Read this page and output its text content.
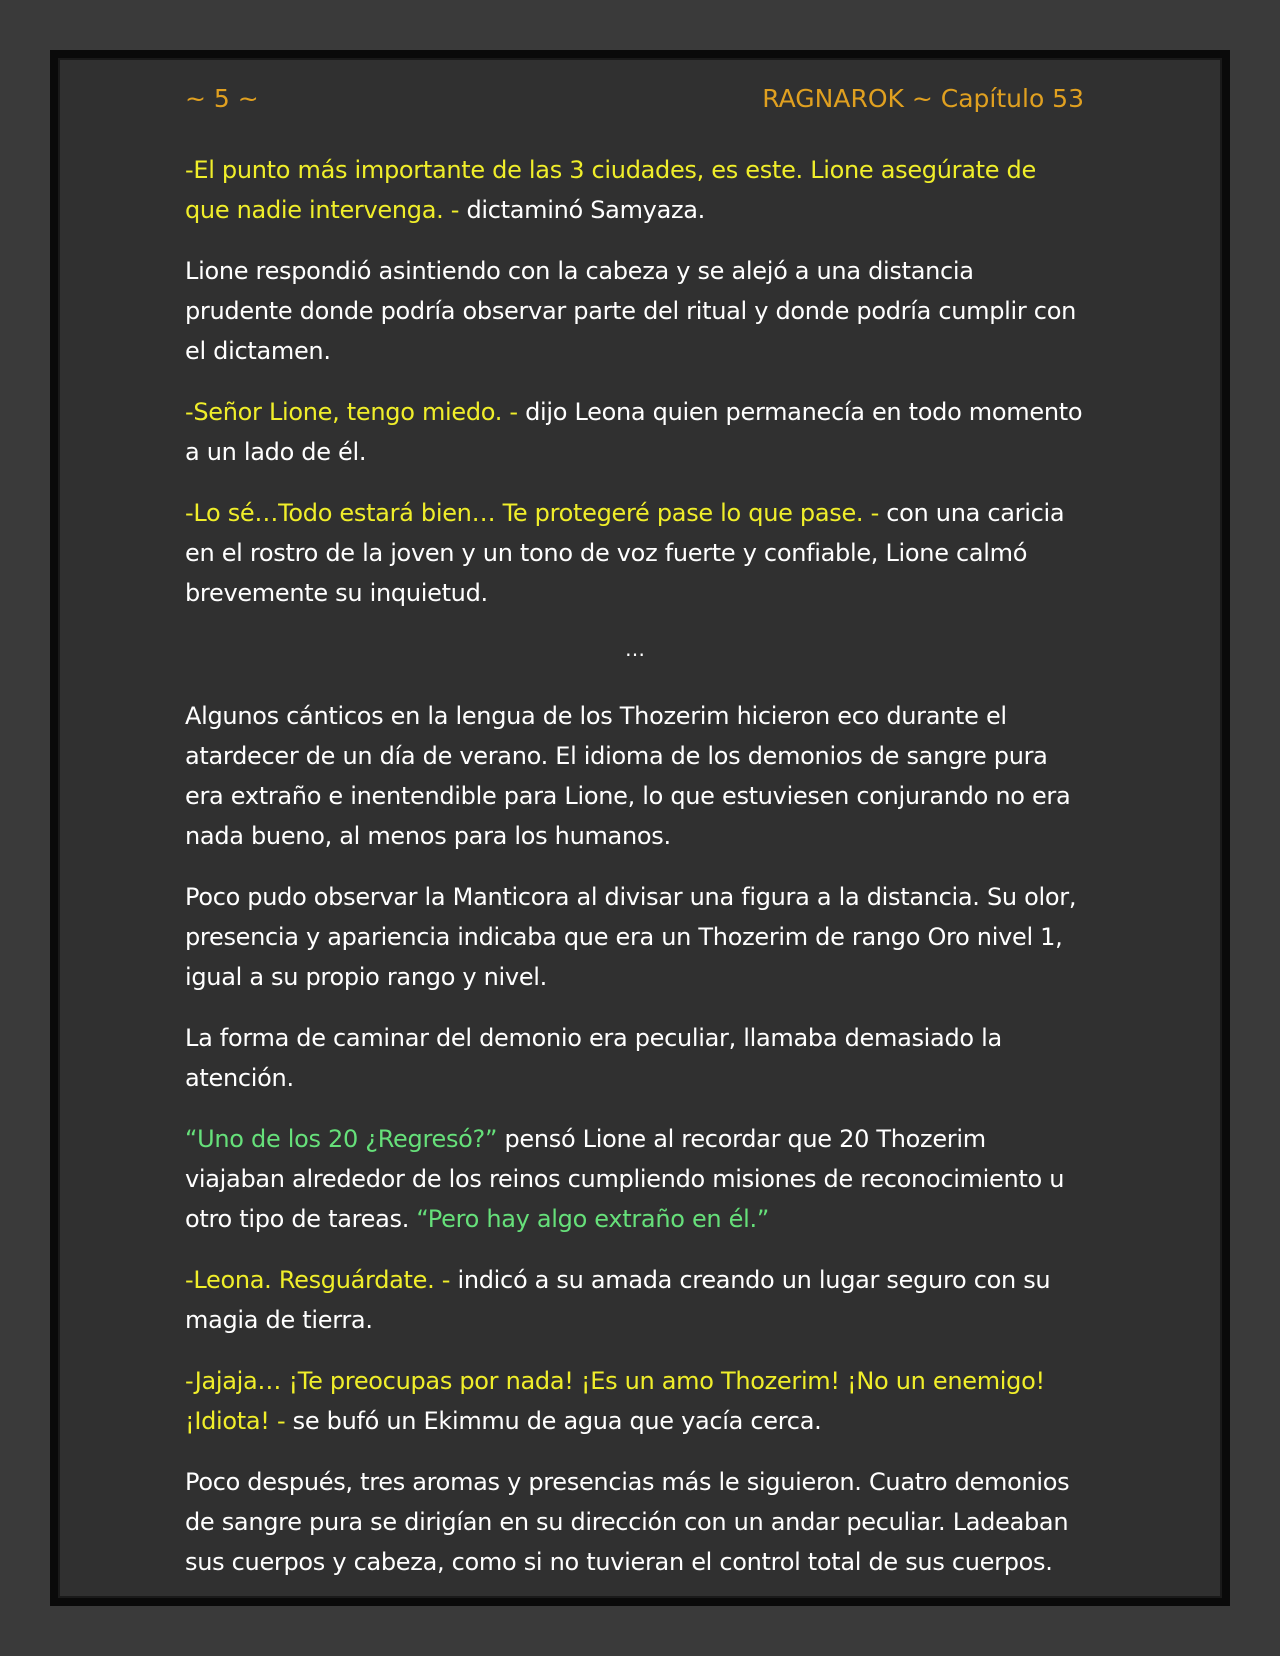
~ 5 ~	RAGNAROK ~ Capítulo 53

-El punto más importante de las 3 ciudades, es este. Lione asegúrate de que nadie intervenga. - dictaminó Samyaza.

Lione respondió asintiendo con la cabeza y se alejó a una distancia prudente donde podría observar parte del ritual y donde podría cumplir con el dictamen.

-Señor Lione, tengo miedo. - dijo Leona quien permanecía en todo momento a un lado de él.

-Lo sé…Todo estará bien… Te protegeré pase lo que pase. - con una caricia en el rostro de la joven y un tono de voz fuerte y confiable, Lione calmó brevemente su inquietud.

…

Algunos cánticos en la lengua de los Thozerim hicieron eco durante el atardecer de un día de verano. El idioma de los demonios de sangre pura era extraño e inentendible para Lione, lo que estuviesen conjurando no era nada bueno, al menos para los humanos.

Poco pudo observar la Manticora al divisar una figura a la distancia. Su olor, presencia y apariencia indicaba que era un Thozerim de rango Oro nivel 1, igual a su propio rango y nivel.

La forma de caminar del demonio era peculiar, llamaba demasiado la atención.

“Uno de los 20 ¿Regresó?” pensó Lione al recordar que 20 Thozerim viajaban alrededor de los reinos cumpliendo misiones de reconocimiento u otro tipo de tareas. “Pero hay algo extraño en él.”

-Leona. Resguárdate. - indicó a su amada creando un lugar seguro con su magia de tierra.

-Jajaja… ¡Te preocupas por nada! ¡Es un amo Thozerim! ¡No un enemigo! ¡Idiota! - se bufó un Ekimmu de agua que yacía cerca.

Poco después, tres aromas y presencias más le siguieron. Cuatro demonios de sangre pura se dirigían en su dirección con un andar peculiar. Ladeaban sus cuerpos y cabeza, como si no tuvieran el control total de sus cuerpos.
